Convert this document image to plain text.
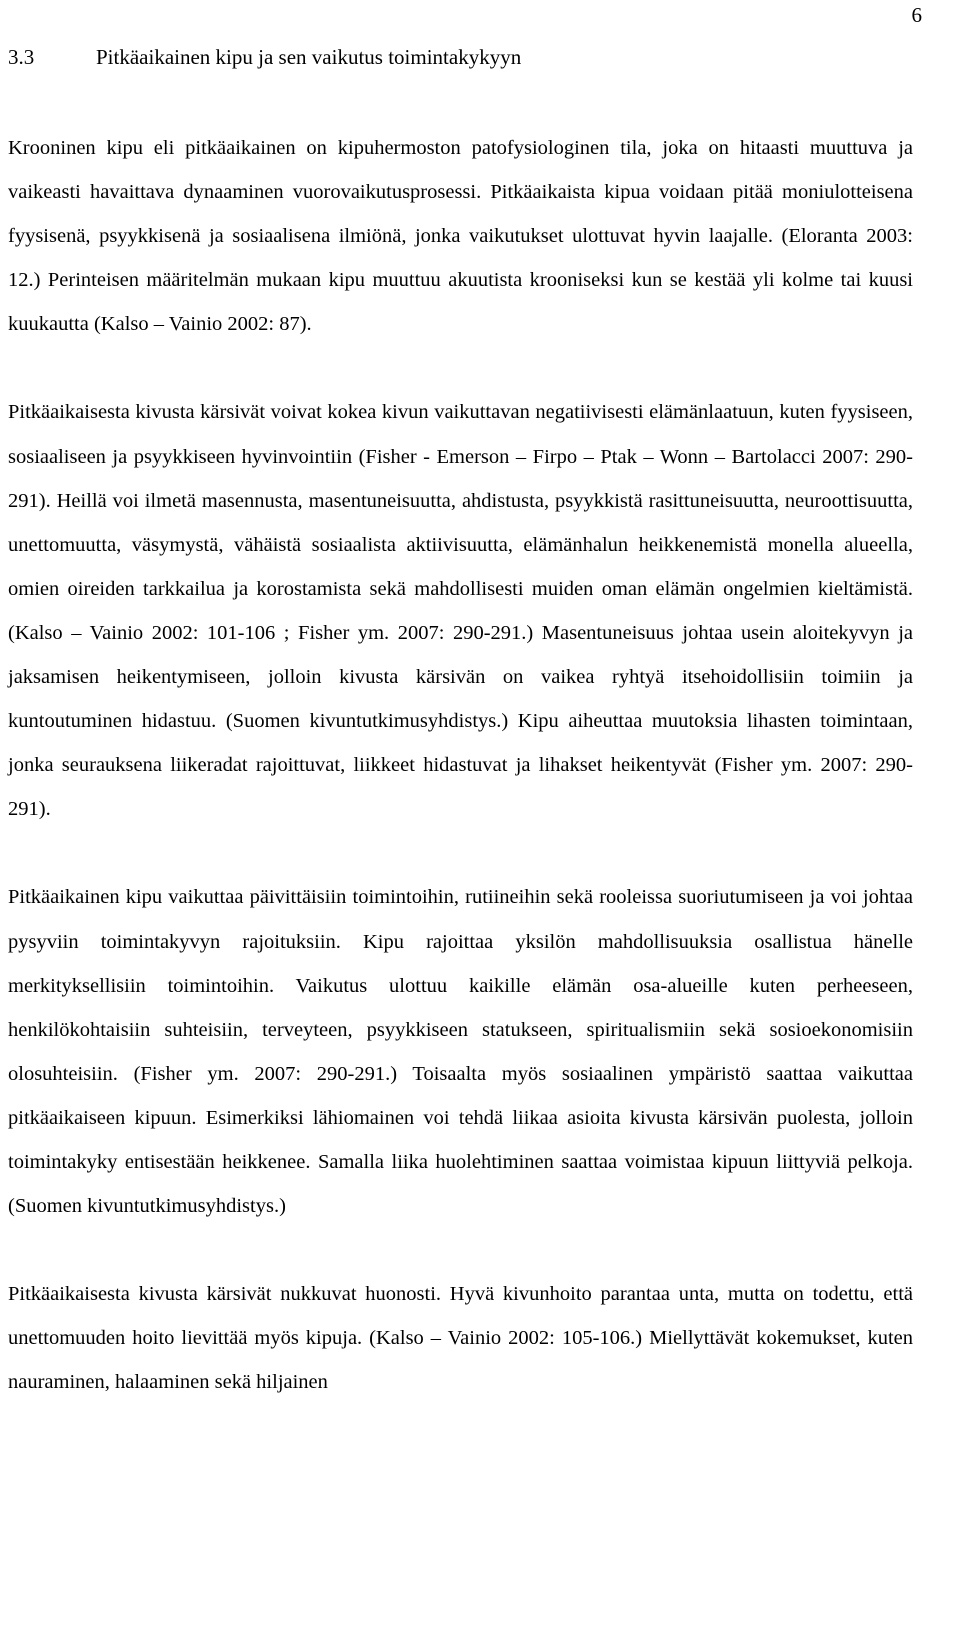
6
3.3	Pitkäaikainen kipu ja sen vaikutus toimintakykyyn

Krooninen kipu eli pitkäaikainen on kipuhermoston patofysiologinen tila, joka on hitaasti muuttuva ja vaikeasti havaittava dynaaminen vuorovaikutusprosessi. Pitkäaikaista kipua voidaan pitää moniulotteisena fyysisenä, psyykkisenä ja sosiaalisena ilmiönä, jonka vaikutukset ulottuvat hyvin laajalle. (Eloranta 2003: 12.) Perinteisen määritelmän mukaan kipu muuttuu akuutista krooniseksi kun se kestää yli kolme tai kuusi kuukautta (Kalso – Vainio 2002: 87).

Pitkäaikaisesta kivusta kärsivät voivat kokea kivun vaikuttavan negatiivisesti elämänlaatuun, kuten fyysiseen, sosiaaliseen ja psyykkiseen hyvinvointiin (Fisher - Emerson – Firpo – Ptak – Wonn – Bartolacci 2007: 290-291). Heillä voi ilmetä masennusta, masentuneisuutta, ahdistusta, psyykkistä rasittuneisuutta, neuroottisuutta, unettomuutta, väsymystä, vähäistä sosiaalista aktiivisuutta, elämänhalun heikkenemistä monella alueella, omien oireiden tarkkailua ja korostamista sekä mahdollisesti muiden oman elämän ongelmien kieltämistä. (Kalso – Vainio 2002: 101-106 ; Fisher ym. 2007: 290-291.) Masentuneisuus johtaa usein aloitekyvyn ja jaksamisen heikentymiseen, jolloin kivusta kärsivän on vaikea ryhtyä itsehoidollisiin toimiin ja kuntoutuminen hidastuu. (Suomen kivuntutkimusyhdistys.) Kipu aiheuttaa muutoksia lihasten toimintaan, jonka seurauksena liikeradat rajoittuvat, liikkeet hidastuvat ja lihakset heikentyvät (Fisher ym. 2007: 290-291).

Pitkäaikainen kipu vaikuttaa päivittäisiin toimintoihin, rutiineihin sekä rooleissa suoriutumiseen ja voi johtaa pysyviin toimintakyvyn rajoituksiin. Kipu rajoittaa yksilön mahdollisuuksia osallistua hänelle merkityksellisiin toimintoihin. Vaikutus ulottuu kaikille elämän osa-alueille kuten perheeseen, henkilökohtaisiin suhteisiin, terveyteen, psyykkiseen statukseen, spiritualismiin sekä sosioekonomisiin olosuhteisiin. (Fisher ym. 2007: 290-291.) Toisaalta myös sosiaalinen ympäristö saattaa vaikuttaa pitkäaikaiseen kipuun. Esimerkiksi lähiomainen voi tehdä liikaa asioita kivusta kärsivän puolesta, jolloin toimintakyky entisestään heikkenee. Samalla liika huolehtiminen saattaa voimistaa kipuun liittyviä pelkoja. (Suomen kivuntutkimusyhdistys.)

Pitkäaikaisesta kivusta kärsivät nukkuvat huonosti. Hyvä kivunhoito parantaa unta, mutta on todettu, että unettomuuden hoito lievittää myös kipuja. (Kalso – Vainio 2002: 105-106.) Miellyttävät kokemukset, kuten nauraminen, halaaminen sekä hiljainen
